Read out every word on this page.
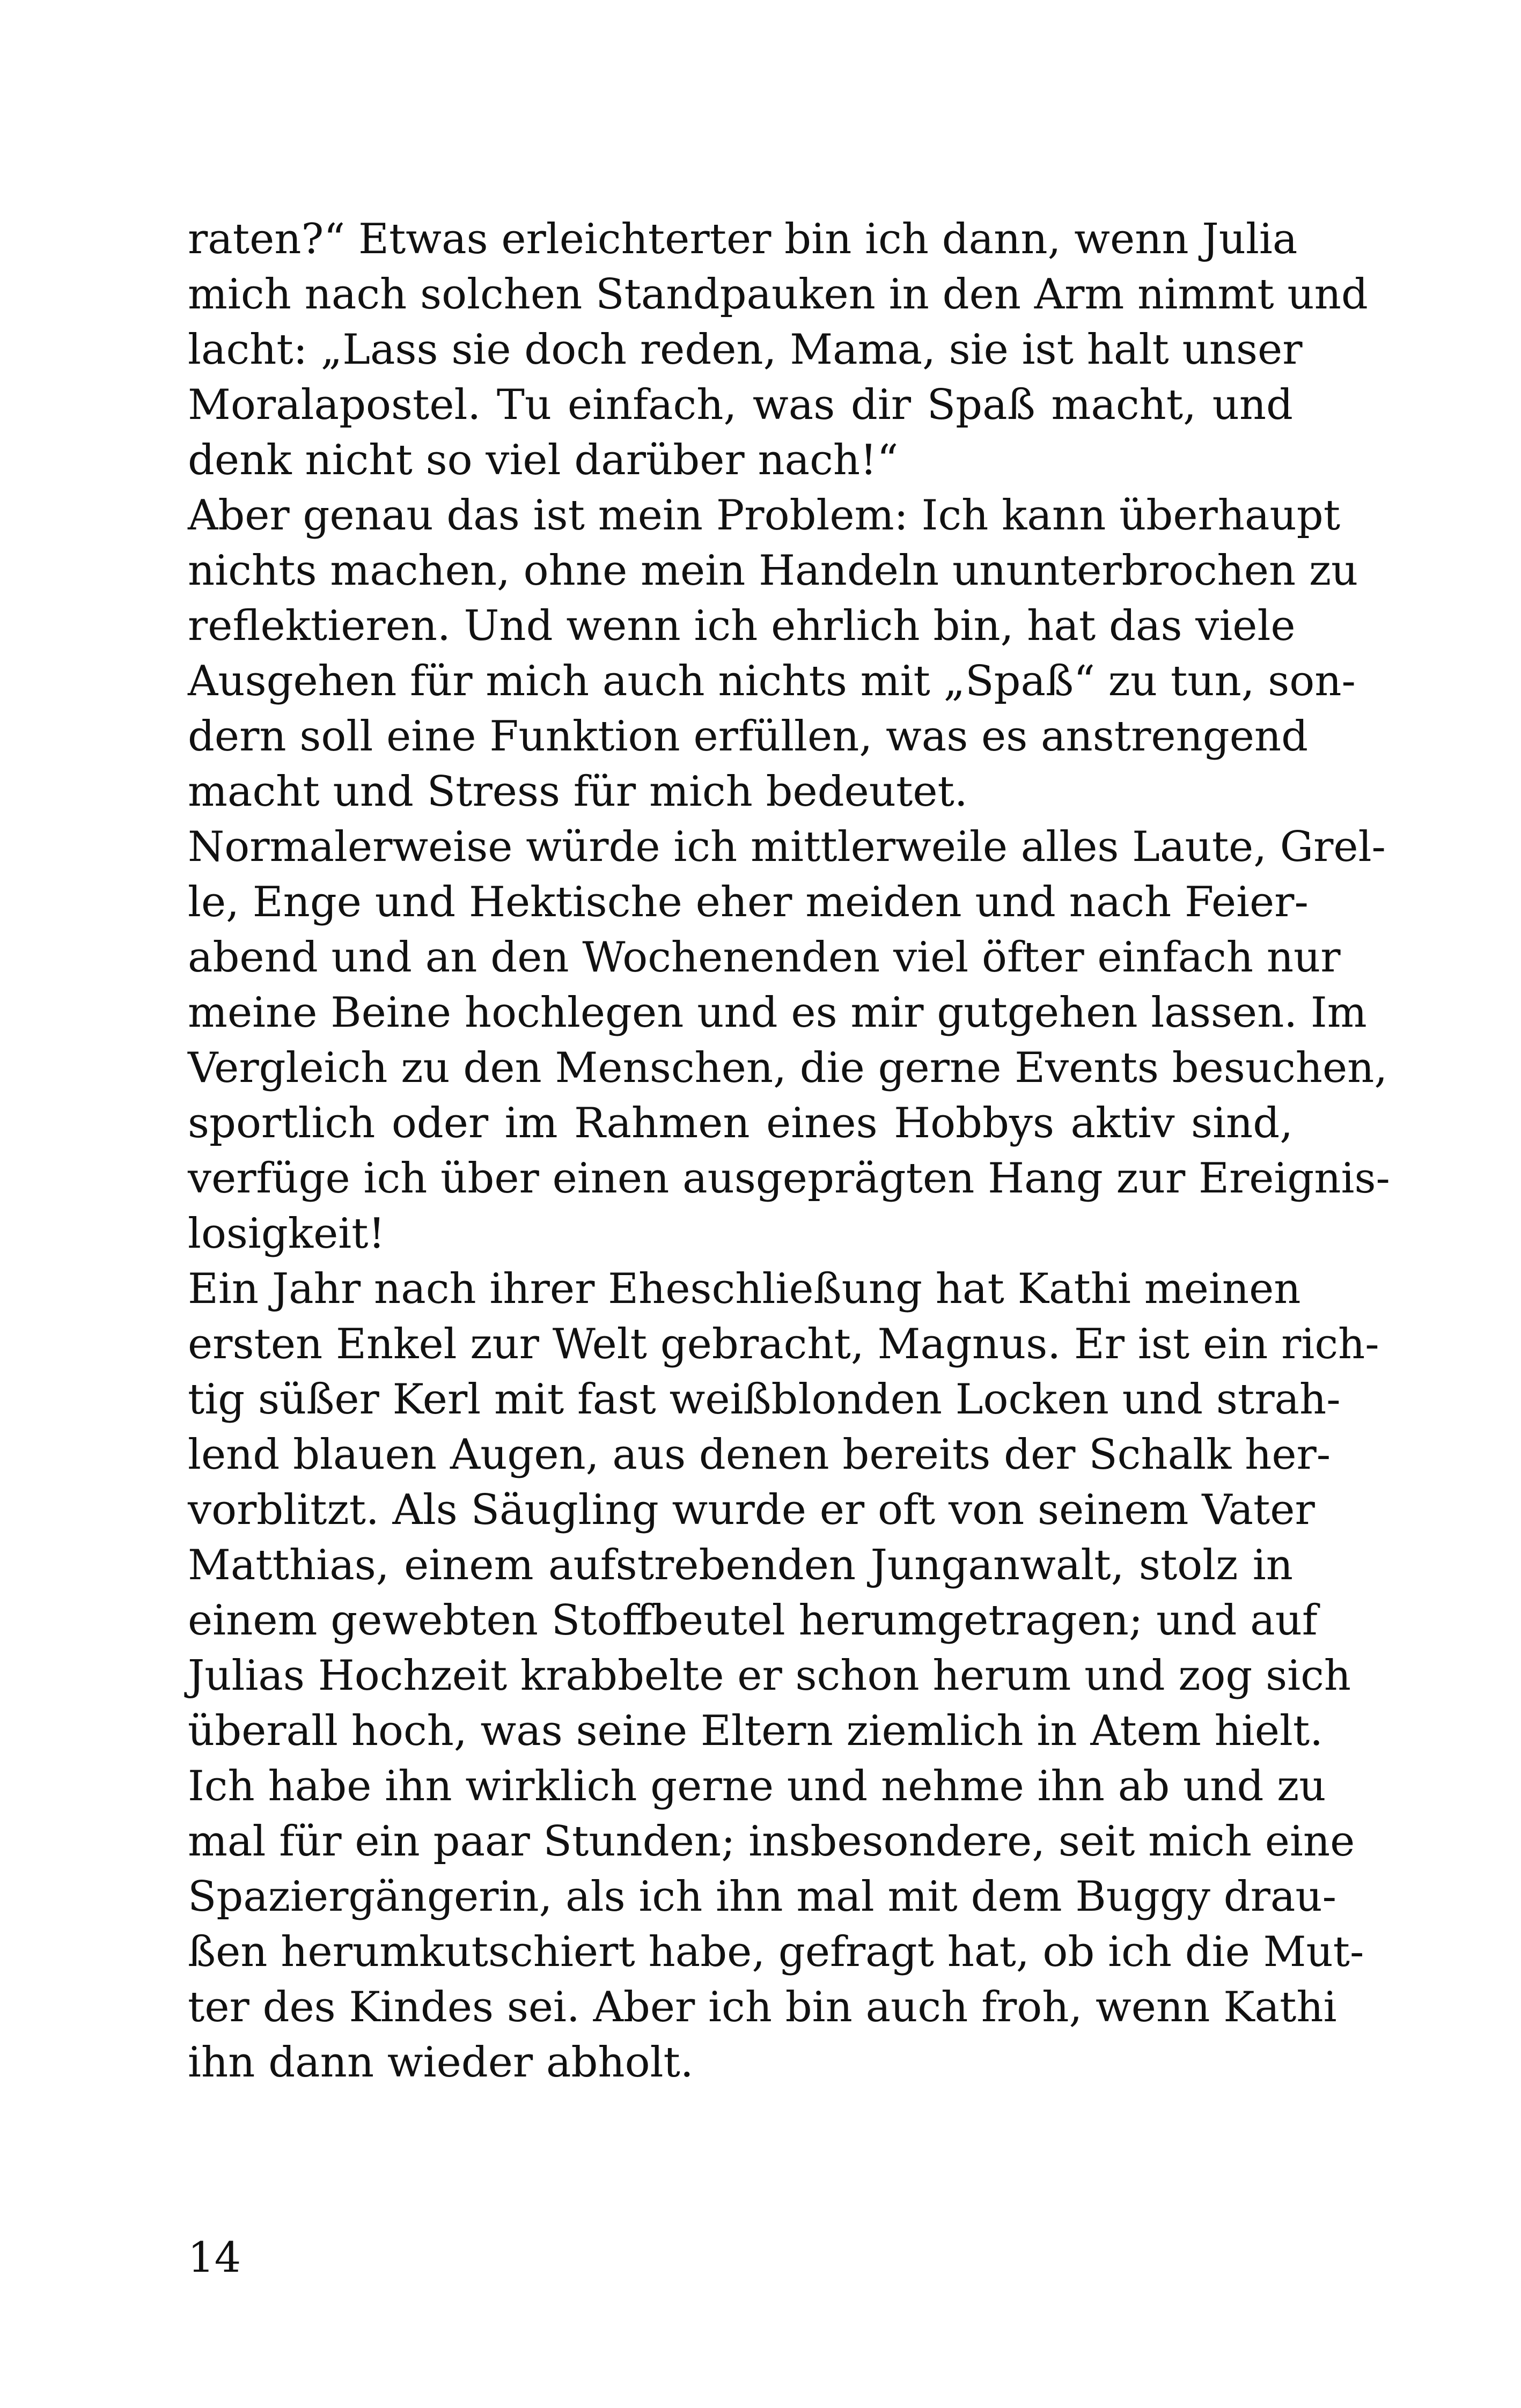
raten?“ Etwas erleichterter bin ich dann, wenn Julia
mich nach solchen Standpauken in den Arm nimmt und
lacht: „Lass sie doch reden, Mama, sie ist halt unser
Moralapostel. Tu einfach, was dir Spaß macht, und
denk nicht so viel darüber nach!“
Aber genau das ist mein Problem: Ich kann überhaupt
nichts machen, ohne mein Handeln ununterbrochen zu
reflektieren. Und wenn ich ehrlich bin, hat das viele
Ausgehen für mich auch nichts mit „Spaß“ zu tun, son-
dern soll eine Funktion erfüllen, was es anstrengend
macht und Stress für mich bedeutet.
Normalerweise würde ich mittlerweile alles Laute, Grel-
le, Enge und Hektische eher meiden und nach Feier-
abend und an den Wochenenden viel öfter einfach nur
meine Beine hochlegen und es mir gutgehen lassen. Im
Vergleich zu den Menschen, die gerne Events besuchen,
sportlich oder im Rahmen eines Hobbys aktiv sind,
verfüge ich über einen ausgeprägten Hang zur Ereignis-
losigkeit!
Ein Jahr nach ihrer Eheschließung hat Kathi meinen
ersten Enkel zur Welt gebracht, Magnus. Er ist ein rich-
tig süßer Kerl mit fast weißblonden Locken und strah-
lend blauen Augen, aus denen bereits der Schalk her-
vorblitzt. Als Säugling wurde er oft von seinem Vater
Matthias, einem aufstrebenden Junganwalt, stolz in
einem gewebten Stoffbeutel herumgetragen; und auf
Julias Hochzeit krabbelte er schon herum und zog sich
überall hoch, was seine Eltern ziemlich in Atem hielt.
Ich habe ihn wirklich gerne und nehme ihn ab und zu
mal für ein paar Stunden; insbesondere, seit mich eine
Spaziergängerin, als ich ihn mal mit dem Buggy drau-
ßen herumkutschiert habe, gefragt hat, ob ich die Mut-
ter des Kindes sei. Aber ich bin auch froh, wenn Kathi
ihn dann wieder abholt.
14
